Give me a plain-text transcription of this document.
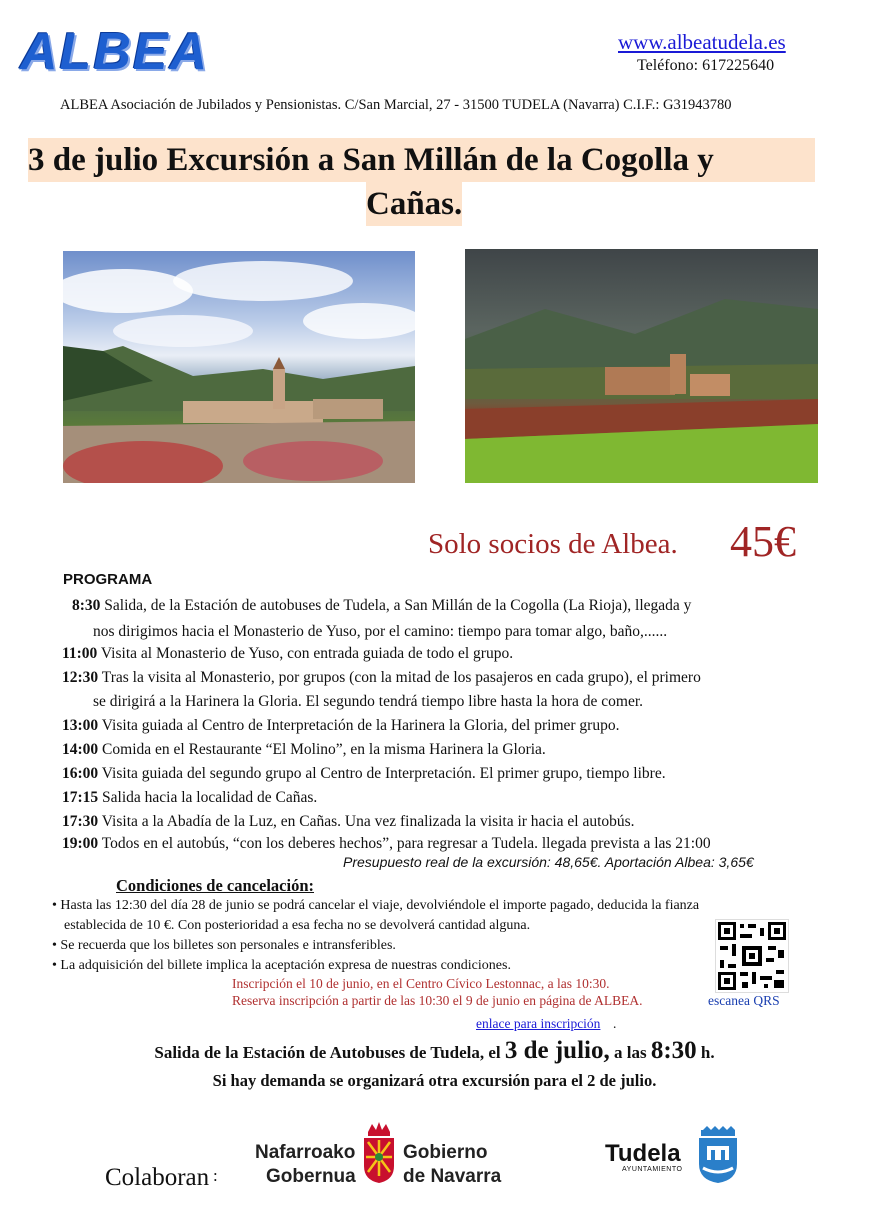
ALBEA	www.albeatudela.es
Teléfono: 617225640
ALBEA Asociación de Jubilados y Pensionistas. C/San Marcial, 27 - 31500 TUDELA (Navarra) C.I.F.: G31943780
3 de julio Excursión a San Millán de la Cogolla y
Cañas.
Solo socios de Albea. 45€
PROGRAMA
8:30 Salida, de la Estación de autobuses de Tudela, a San Millán de la Cogolla (La Rioja), llegada y
nos dirigimos hacia el Monasterio de Yuso, por el camino: tiempo para tomar algo, baño,......
11:00 Visita al Monasterio de Yuso, con entrada guiada de todo el grupo.
12:30 Tras la visita al Monasterio, por grupos (con la mitad de los pasajeros en cada grupo), el primero
se dirigirá a la Harinera la Gloria. El segundo tendrá tiempo libre hasta la hora de comer.
13:00 Visita guiada al Centro de Interpretación de la Harinera la Gloria, del primer grupo.
14:00 Comida en el Restaurante “El Molino”, en la misma Harinera la Gloria.
16:00 Visita guiada del segundo grupo al Centro de Interpretación. El primer grupo, tiempo libre.
17:15 Salida hacia la localidad de Cañas.
17:30 Visita a la Abadía de la Luz, en Cañas. Una vez finalizada la visita ir hacia el autobús.
19:00 Todos en el autobús, “con los deberes hechos”, para regresar a Tudela. llegada prevista a las 21:00
Presupuesto real de la excursión: 48,65€. Aportación Albea: 3,65€
Condiciones de cancelación:
• Hasta las 12:30 del día 28 de junio se podrá cancelar el viaje, devolviéndole el importe pagado, deducida la fianza
establecida de 10 €. Con posterioridad a esa fecha no se devolverá cantidad alguna.
• Se recuerda que los billetes son personales e intransferibles.
• La adquisición del billete implica la aceptación expresa de nuestras condiciones.
Inscripción el 10 de junio, en el Centro Cívico Lestonnac, a las 10:30.
Reserva inscripción a partir de las 10:30 el 9 de junio en página de ALBEA.	escanea QRS
enlace para inscripción .
Salida de la Estación de Autobuses de Tudela, el 3 de julio, a las 8:30 h.
Si hay demanda se organizará otra excursión para el 2 de julio.
Colaboran :
Nafarroako
Gobernua
Gobierno
de Navarra
Tudela
AYUNTAMIENTO
